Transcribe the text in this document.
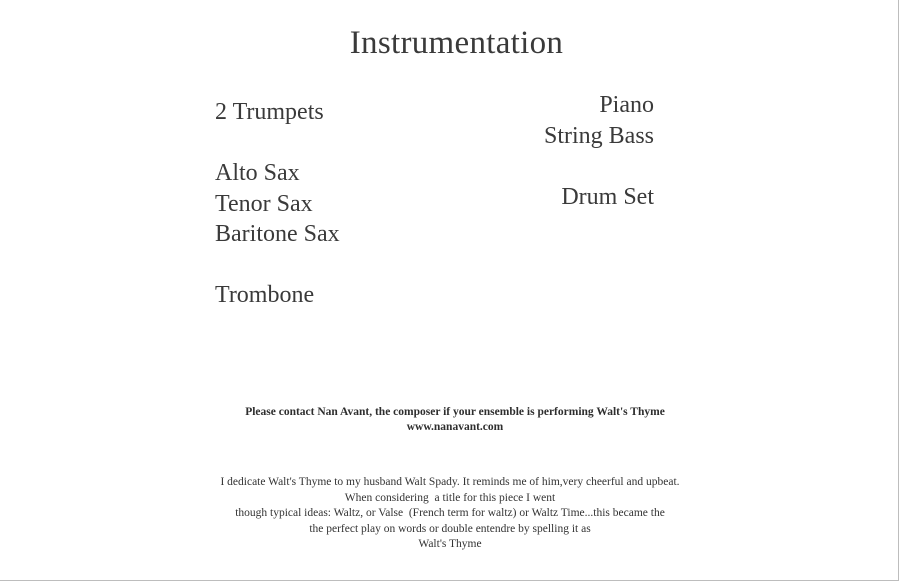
Instrumentation
2 Trumpets
Alto Sax
Tenor Sax
Baritone Sax
Trombone
Piano
String Bass
Drum Set
Please contact Nan Avant, the composer if your ensemble is performing Walt's Thyme
www.nanavant.com
I dedicate Walt's Thyme to my husband Walt Spady. It reminds me of him,very cheerful and upbeat.
When considering  a title for this piece I went
though typical ideas: Waltz, or Valse  (French term for waltz) or Waltz Time...this became the
the perfect play on words or double entendre by spelling it as
Walt's Thyme
